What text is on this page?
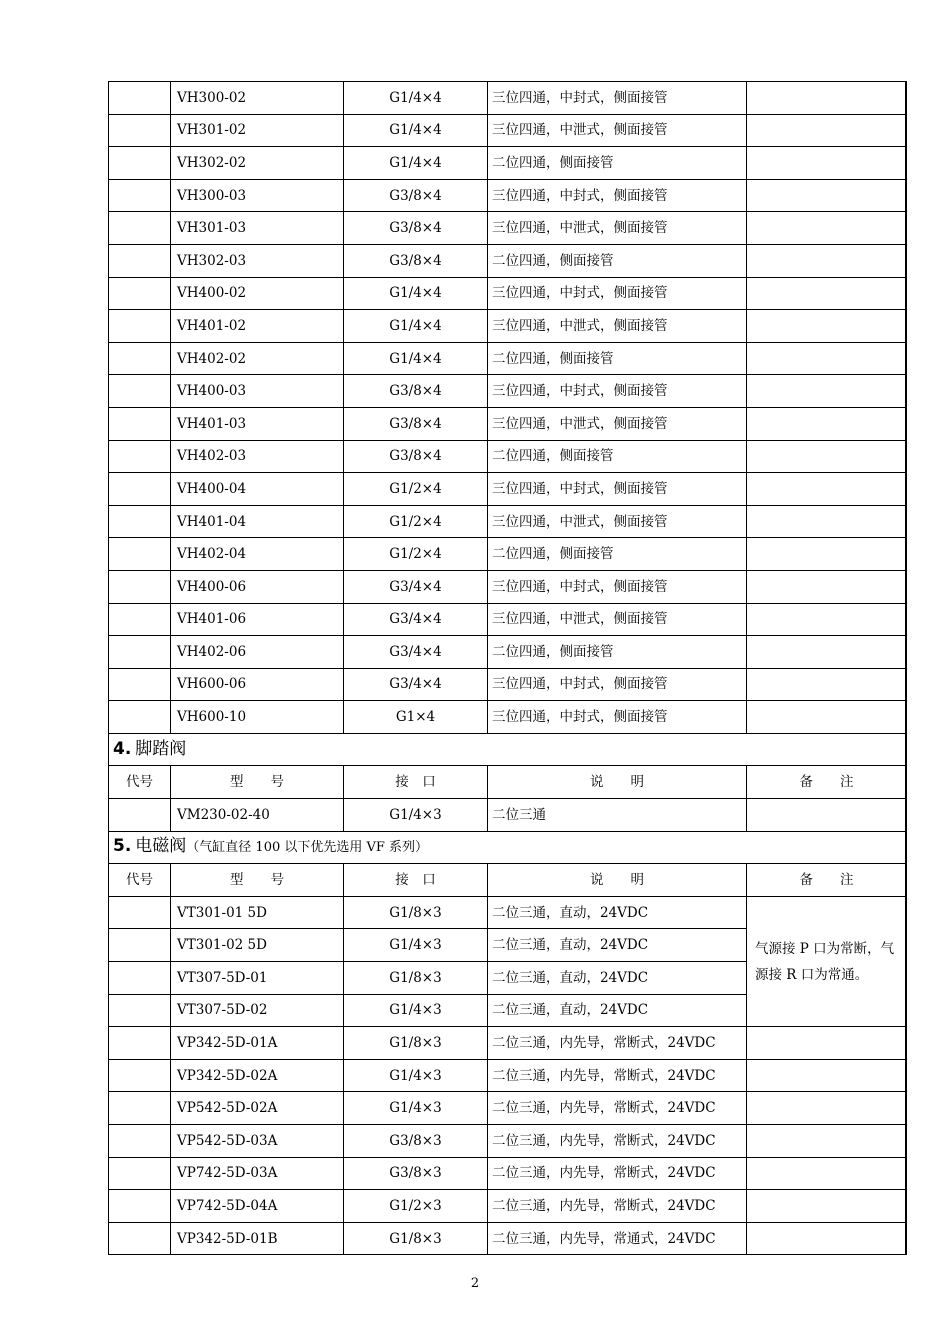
	VH300-02	G1/4×4	三位四通，中封式，侧面接管	
	VH301-02	G1/4×4	三位四通，中泄式，侧面接管	
	VH302-02	G1/4×4	二位四通，侧面接管	
	VH300-03	G3/8×4	三位四通，中封式，侧面接管	
	VH301-03	G3/8×4	三位四通，中泄式，侧面接管	
	VH302-03	G3/8×4	二位四通，侧面接管	
	VH400-02	G1/4×4	三位四通，中封式，侧面接管	
	VH401-02	G1/4×4	三位四通，中泄式，侧面接管	
	VH402-02	G1/4×4	二位四通，侧面接管	
	VH400-03	G3/8×4	三位四通，中封式，侧面接管	
	VH401-03	G3/8×4	三位四通，中泄式，侧面接管	
	VH402-03	G3/8×4	二位四通，侧面接管	
	VH400-04	G1/2×4	三位四通，中封式，侧面接管	
	VH401-04	G1/2×4	三位四通，中泄式，侧面接管	
	VH402-04	G1/2×4	二位四通，侧面接管	
	VH400-06	G3/4×4	三位四通，中封式，侧面接管	
	VH401-06	G3/4×4	三位四通，中泄式，侧面接管	
	VH402-06	G3/4×4	二位四通，侧面接管	
	VH600-06	G3/4×4	三位四通，中封式，侧面接管	
	VH600-10	G1×4	三位四通，中封式，侧面接管	
4. 脚踏阀				
代号	型　　号	接　口	说　　明	备　　注
	VM230-02-40	G1/4×3	二位三通	
5. 电磁阀（气缸直径 100 以下优先选用 VF 系列）				
代号	型　　号	接　口	说　　明	备　　注
	VT301-01 5D	G1/8×3	二位三通，直动，24VDC	气源接 P 口为常断，气源接 R 口为常通。
	VT301-02 5D	G1/4×3	二位三通，直动，24VDC	
	VT307-5D-01	G1/8×3	二位三通，直动，24VDC	
	VT307-5D-02	G1/4×3	二位三通，直动，24VDC	
	VP342-5D-01A	G1/8×3	二位三通，内先导，常断式，24VDC	
	VP342-5D-02A	G1/4×3	二位三通，内先导，常断式，24VDC	
	VP542-5D-02A	G1/4×3	二位三通，内先导，常断式，24VDC	
	VP542-5D-03A	G3/8×3	二位三通，内先导，常断式，24VDC	
	VP742-5D-03A	G3/8×3	二位三通，内先导，常断式，24VDC	
	VP742-5D-04A	G1/2×3	二位三通，内先导，常断式，24VDC	
	VP342-5D-01B	G1/8×3	二位三通，内先导，常通式，24VDC	
2
